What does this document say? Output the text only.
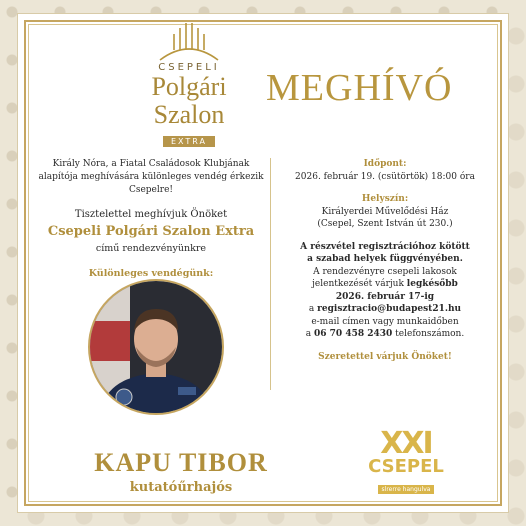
CSEPELI
Polgári Szalon
EXTRA
MEGHÍVÓ
Király Nóra, a Fiatal Családosok Klubjának alapítója meghívására különleges vendég érkezik Csepelre!
Tisztelettel meghívjuk Önöket
Csepeli Polgári Szalon Extra
című rendezvényünkre
Különleges vendégünk:
KAPU TIBOR
kutatóűrhajós
Időpont:
2026. február 19. (csütörtök) 18:00 óra
Helyszín:
Királyerdei Művelődési Ház
(Csepel, Szent István út 230.)
A részvétel regisztrációhoz kötött
a szabad helyek függvényében.
A rendezvényre csepeli lakosok
jelentkezését várjuk legkésőbb
2026. február 17-ig
a regisztracio@budapest21.hu
e-mail címen vagy munkaidőben
a 06 70 458 2430 telefonszámon.
Szeretettel várjuk Önöket!
XXI
CSEPEL
slrerre hangulva
